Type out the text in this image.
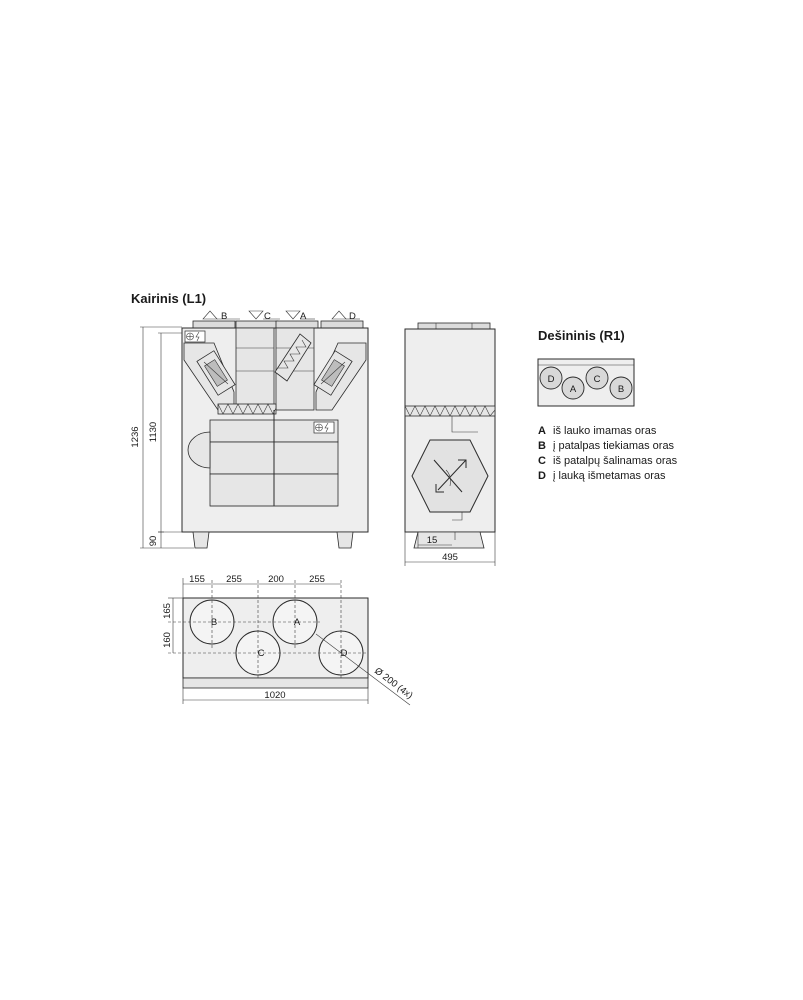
Kairinis (L1)
B	C	A	D
1236 1130
90
495
15
B	A
C	D
155 255	200	255
165
160
1020	Ø 200 (4x)
Dešininis (R1)
D
A
C
B
A iš lauko imamas oras
B į patalpas tiekiamas oras
C iš patalpų šalinamas oras
D į lauką išmetamas oras
